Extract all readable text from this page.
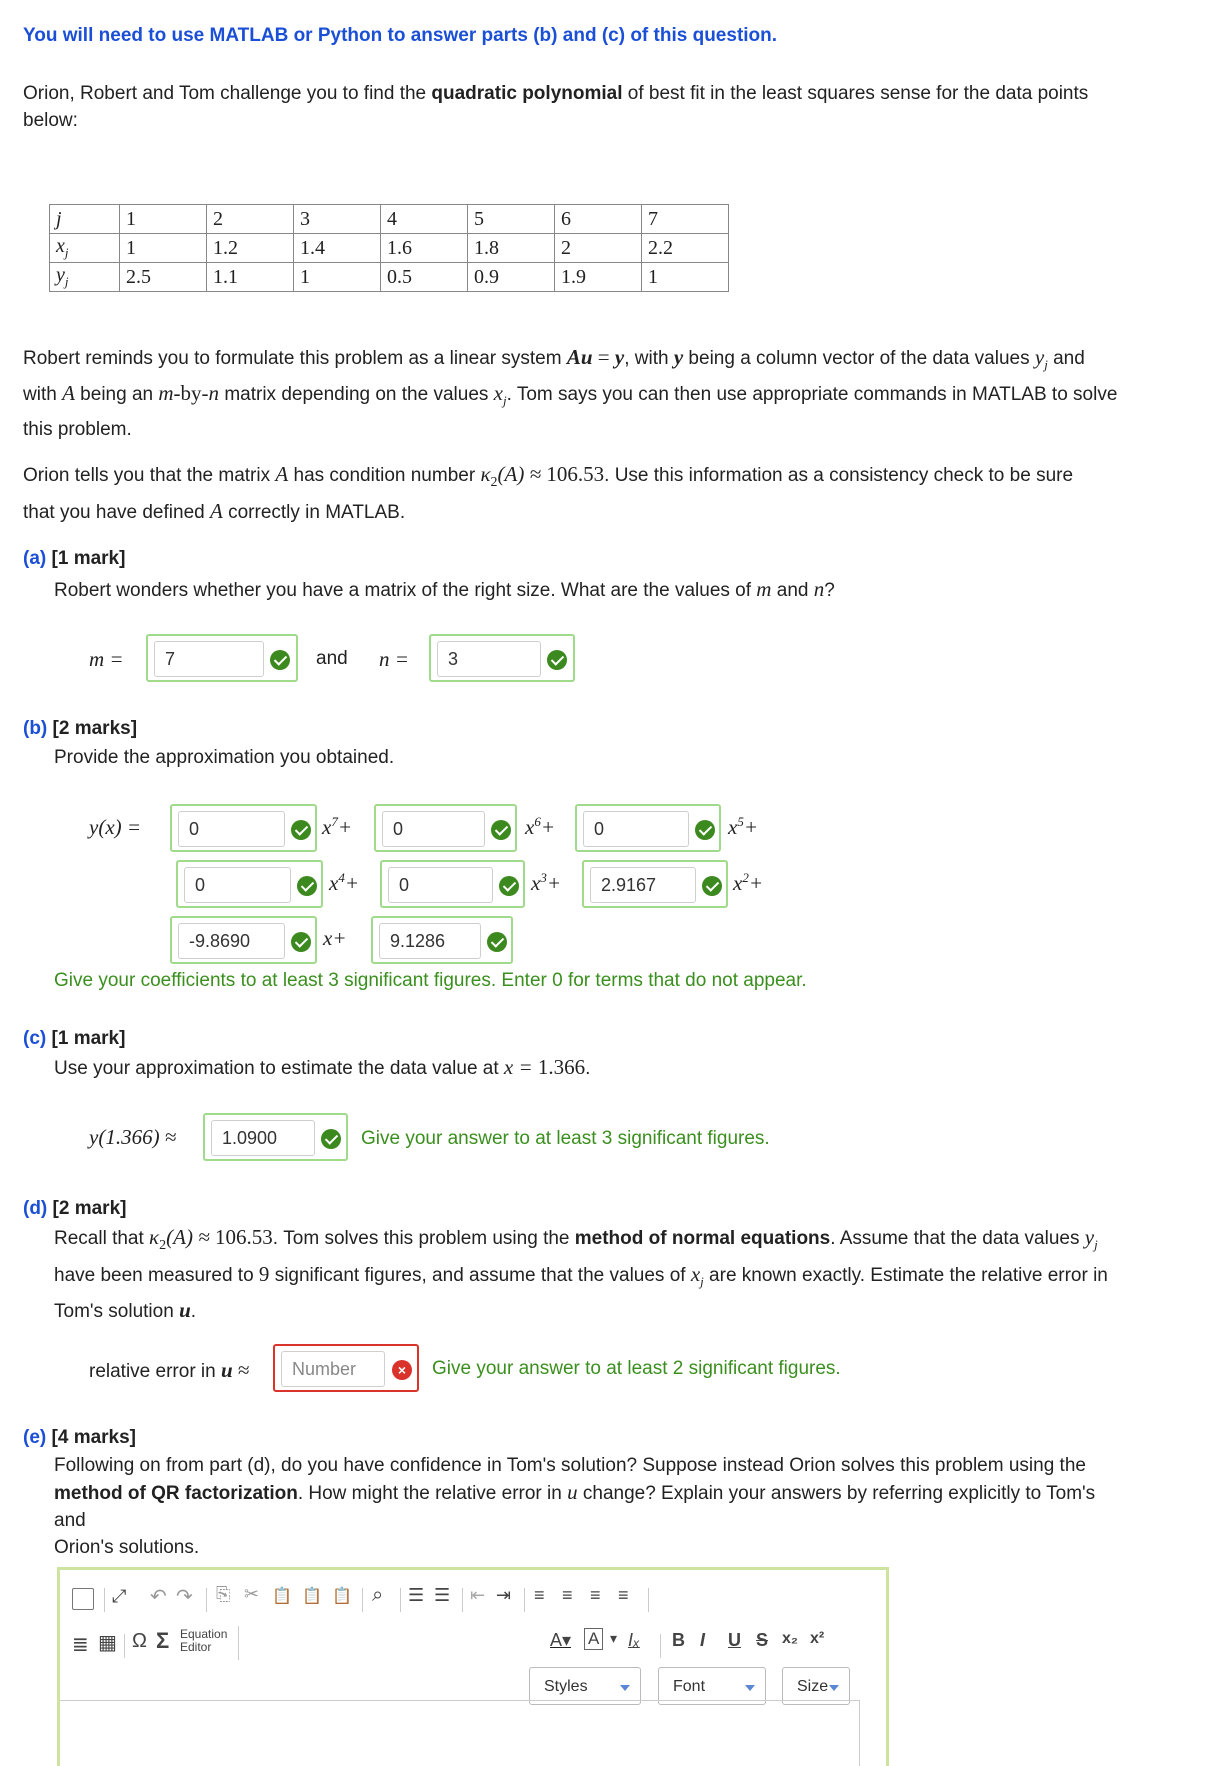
You will need to use MATLAB or Python to answer parts (b) and (c) of this question.

Orion, Robert and Tom challenge you to find the quadratic polynomial of best fit in the least squares sense for the data points
below:

j	1	2	3	4	5	6	7
$x_j$	1	1.2	1.4	1.6	1.8	2	2.2
$y_j$	2.5	1.1	1	0.5	0.9	1.9	1

Robert reminds you to formulate this problem as a linear system Au = y, with y being a column vector of the data values $y_j$ and
with A being an m-by-n matrix depending on the values $x_j$. Tom says you can then use appropriate commands in MATLAB to solve
this problem.

Orion tells you that the matrix A has condition number $\kappa_2(A) \approx 106.53$. Use this information as a consistency check to be sure
that you have defined A correctly in MATLAB.

(a) [1 mark]
Robert wonders whether you have a matrix of the right size. What are the values of m and n?
m =	7	and n =	3
(b) [2 marks]
Provide the approximation you obtained.
y(x) =	0	$x^7+$	0	$x^6+$	0	$x^5+$
0	$x^4+$	0	$x^3+$	2.9167	$x^2+$
-9.8690	x+	9.1286
Give your coefficients to at least 3 significant figures. Enter 0 for terms that do not appear.
(c) [1 mark]
Use your approximation to estimate the data value at x = 1.366.
y(1.366) ≈	1.0900	Give your answer to at least 3 significant figures.
(d) [2 mark]

Recall that $\kappa_2(A) \approx 106.53$. Tom solves this problem using the method of normal equations. Assume that the data values $y_j$
have been measured to 9 significant figures, and assume that the values of $x_j$ are known exactly. Estimate the relative error in
Tom's solution u.

relative error in u ≈	Number	×	Give your answer to at least 2 significant figures.
(e) [4 marks]

Following on from part (d), do you have confidence in Tom's solution? Suppose instead Orion solves this problem using the
method of QR factorization. How might the relative error in u change? Explain your answers by referring explicitly to Tom's and
Orion's solutions.

⤢ ↶ ↷ ⎘ ✂ 📋 📋 📋 ⌕ ☰ ☰ ⇤ ⇥ ≡ ≡ ≡ ≡
≣ ▦ Ω Σ Equation
Editor	A▾ A ▾ Iₓ B I U S x₂ x²
Styles	Font	Size
